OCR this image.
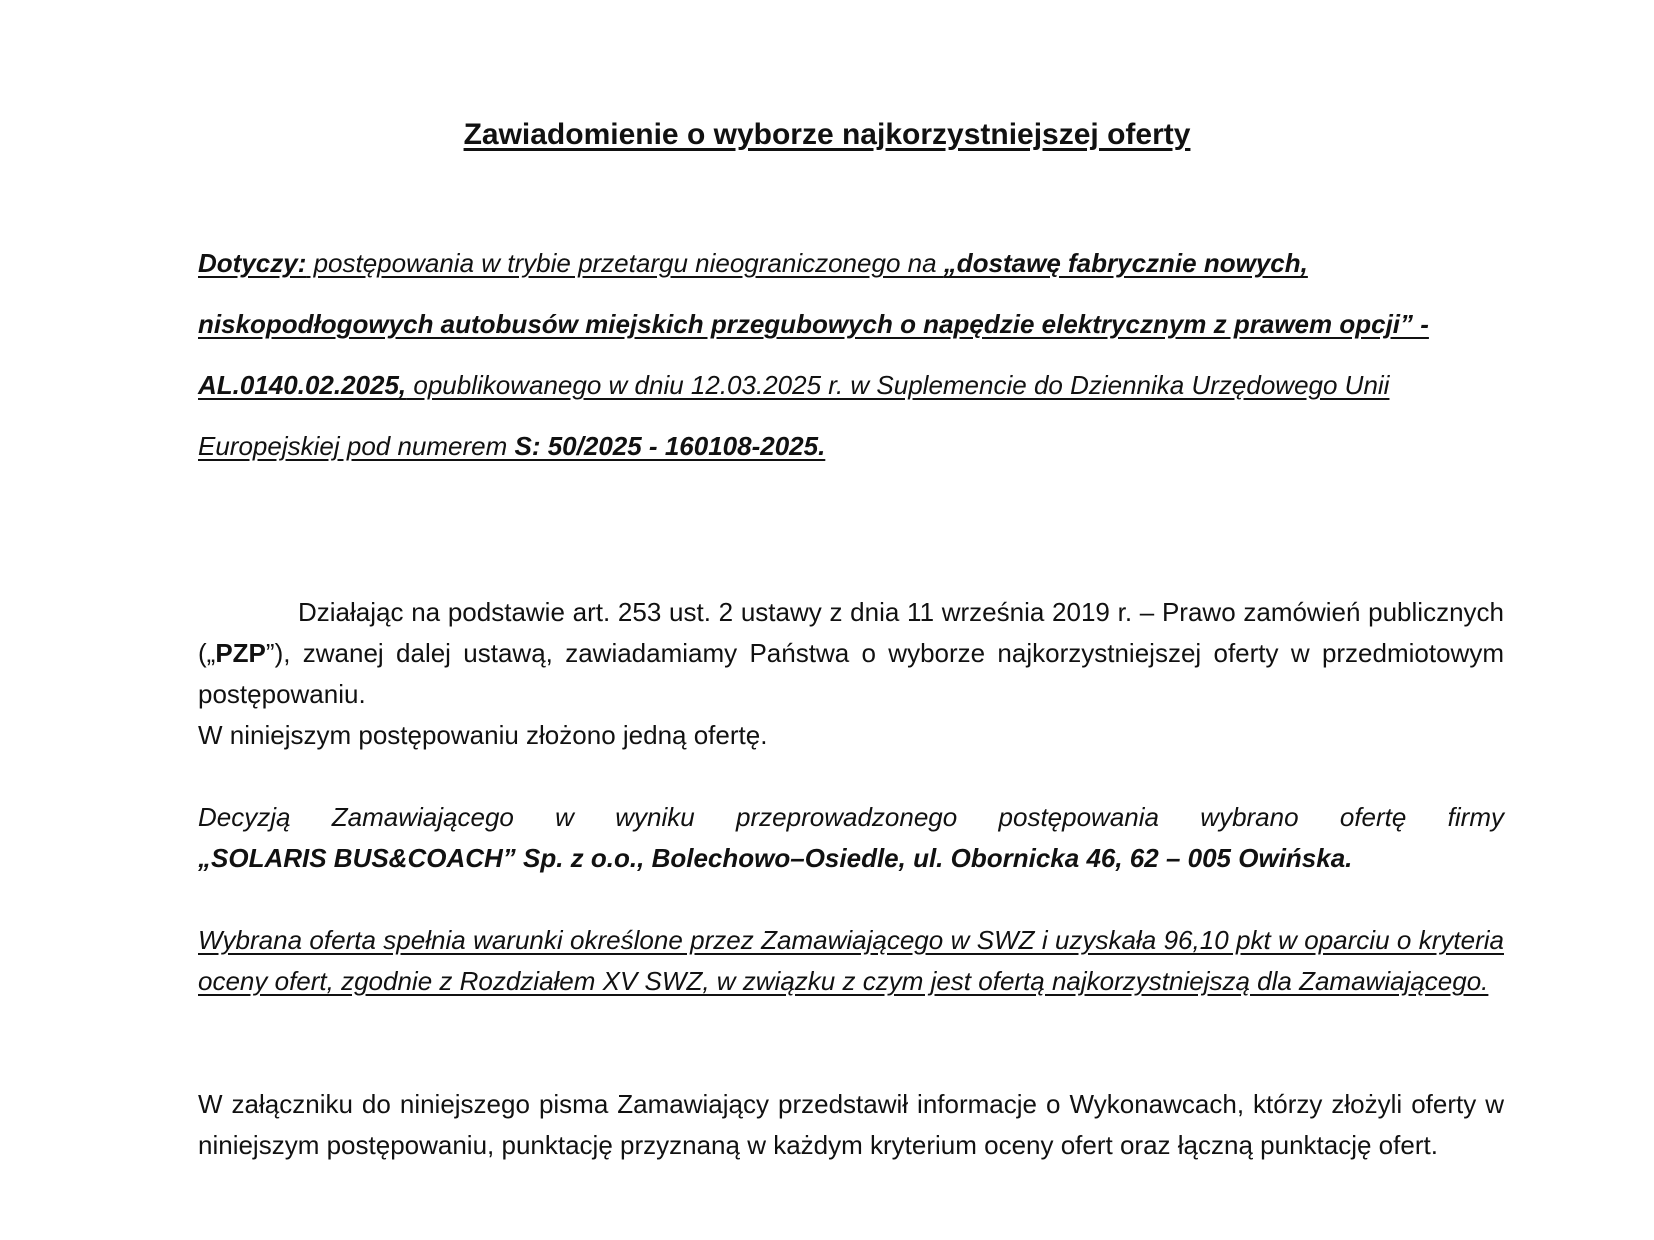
Zawiadomienie o wyborze najkorzystniejszej oferty

Dotyczy: postępowania w trybie przetargu nieograniczonego na „dostawę fabrycznie nowych, niskopodłogowych autobusów miejskich przegubowych o napędzie elektrycznym z prawem opcji” - AL.0140.02.2025, opublikowanego w dniu 12.03.2025 r. w Suplemencie do Dziennika Urzędowego Unii Europejskiej pod numerem S: 50/2025 - 160108-2025.

Działając na podstawie art. 253 ust. 2 ustawy z dnia 11 września 2019 r. – Prawo zamówień publicznych („PZP”), zwanej dalej ustawą, zawiadamiamy Państwa o wyborze najkorzystniejszej oferty w przedmiotowym postępowaniu.
W niniejszym postępowaniu złożono jedną ofertę.
Decyzją Zamawiającego w wyniku przeprowadzonego postępowania wybrano ofertę firmy
„SOLARIS BUS&COACH” Sp. z o.o., Bolechowo–Osiedle, ul. Obornicka 46, 62 – 005 Owińska.

Wybrana oferta spełnia warunki określone przez Zamawiającego w SWZ i uzyskała 96,10 pkt w oparciu o kryteria oceny ofert, zgodnie z Rozdziałem XV SWZ, w związku z czym jest ofertą najkorzystniejszą dla Zamawiającego.

W załączniku do niniejszego pisma Zamawiający przedstawił informacje o Wykonawcach, którzy złożyli oferty w niniejszym postępowaniu, punktację przyznaną w każdym kryterium oceny ofert oraz łączną punktację ofert.
